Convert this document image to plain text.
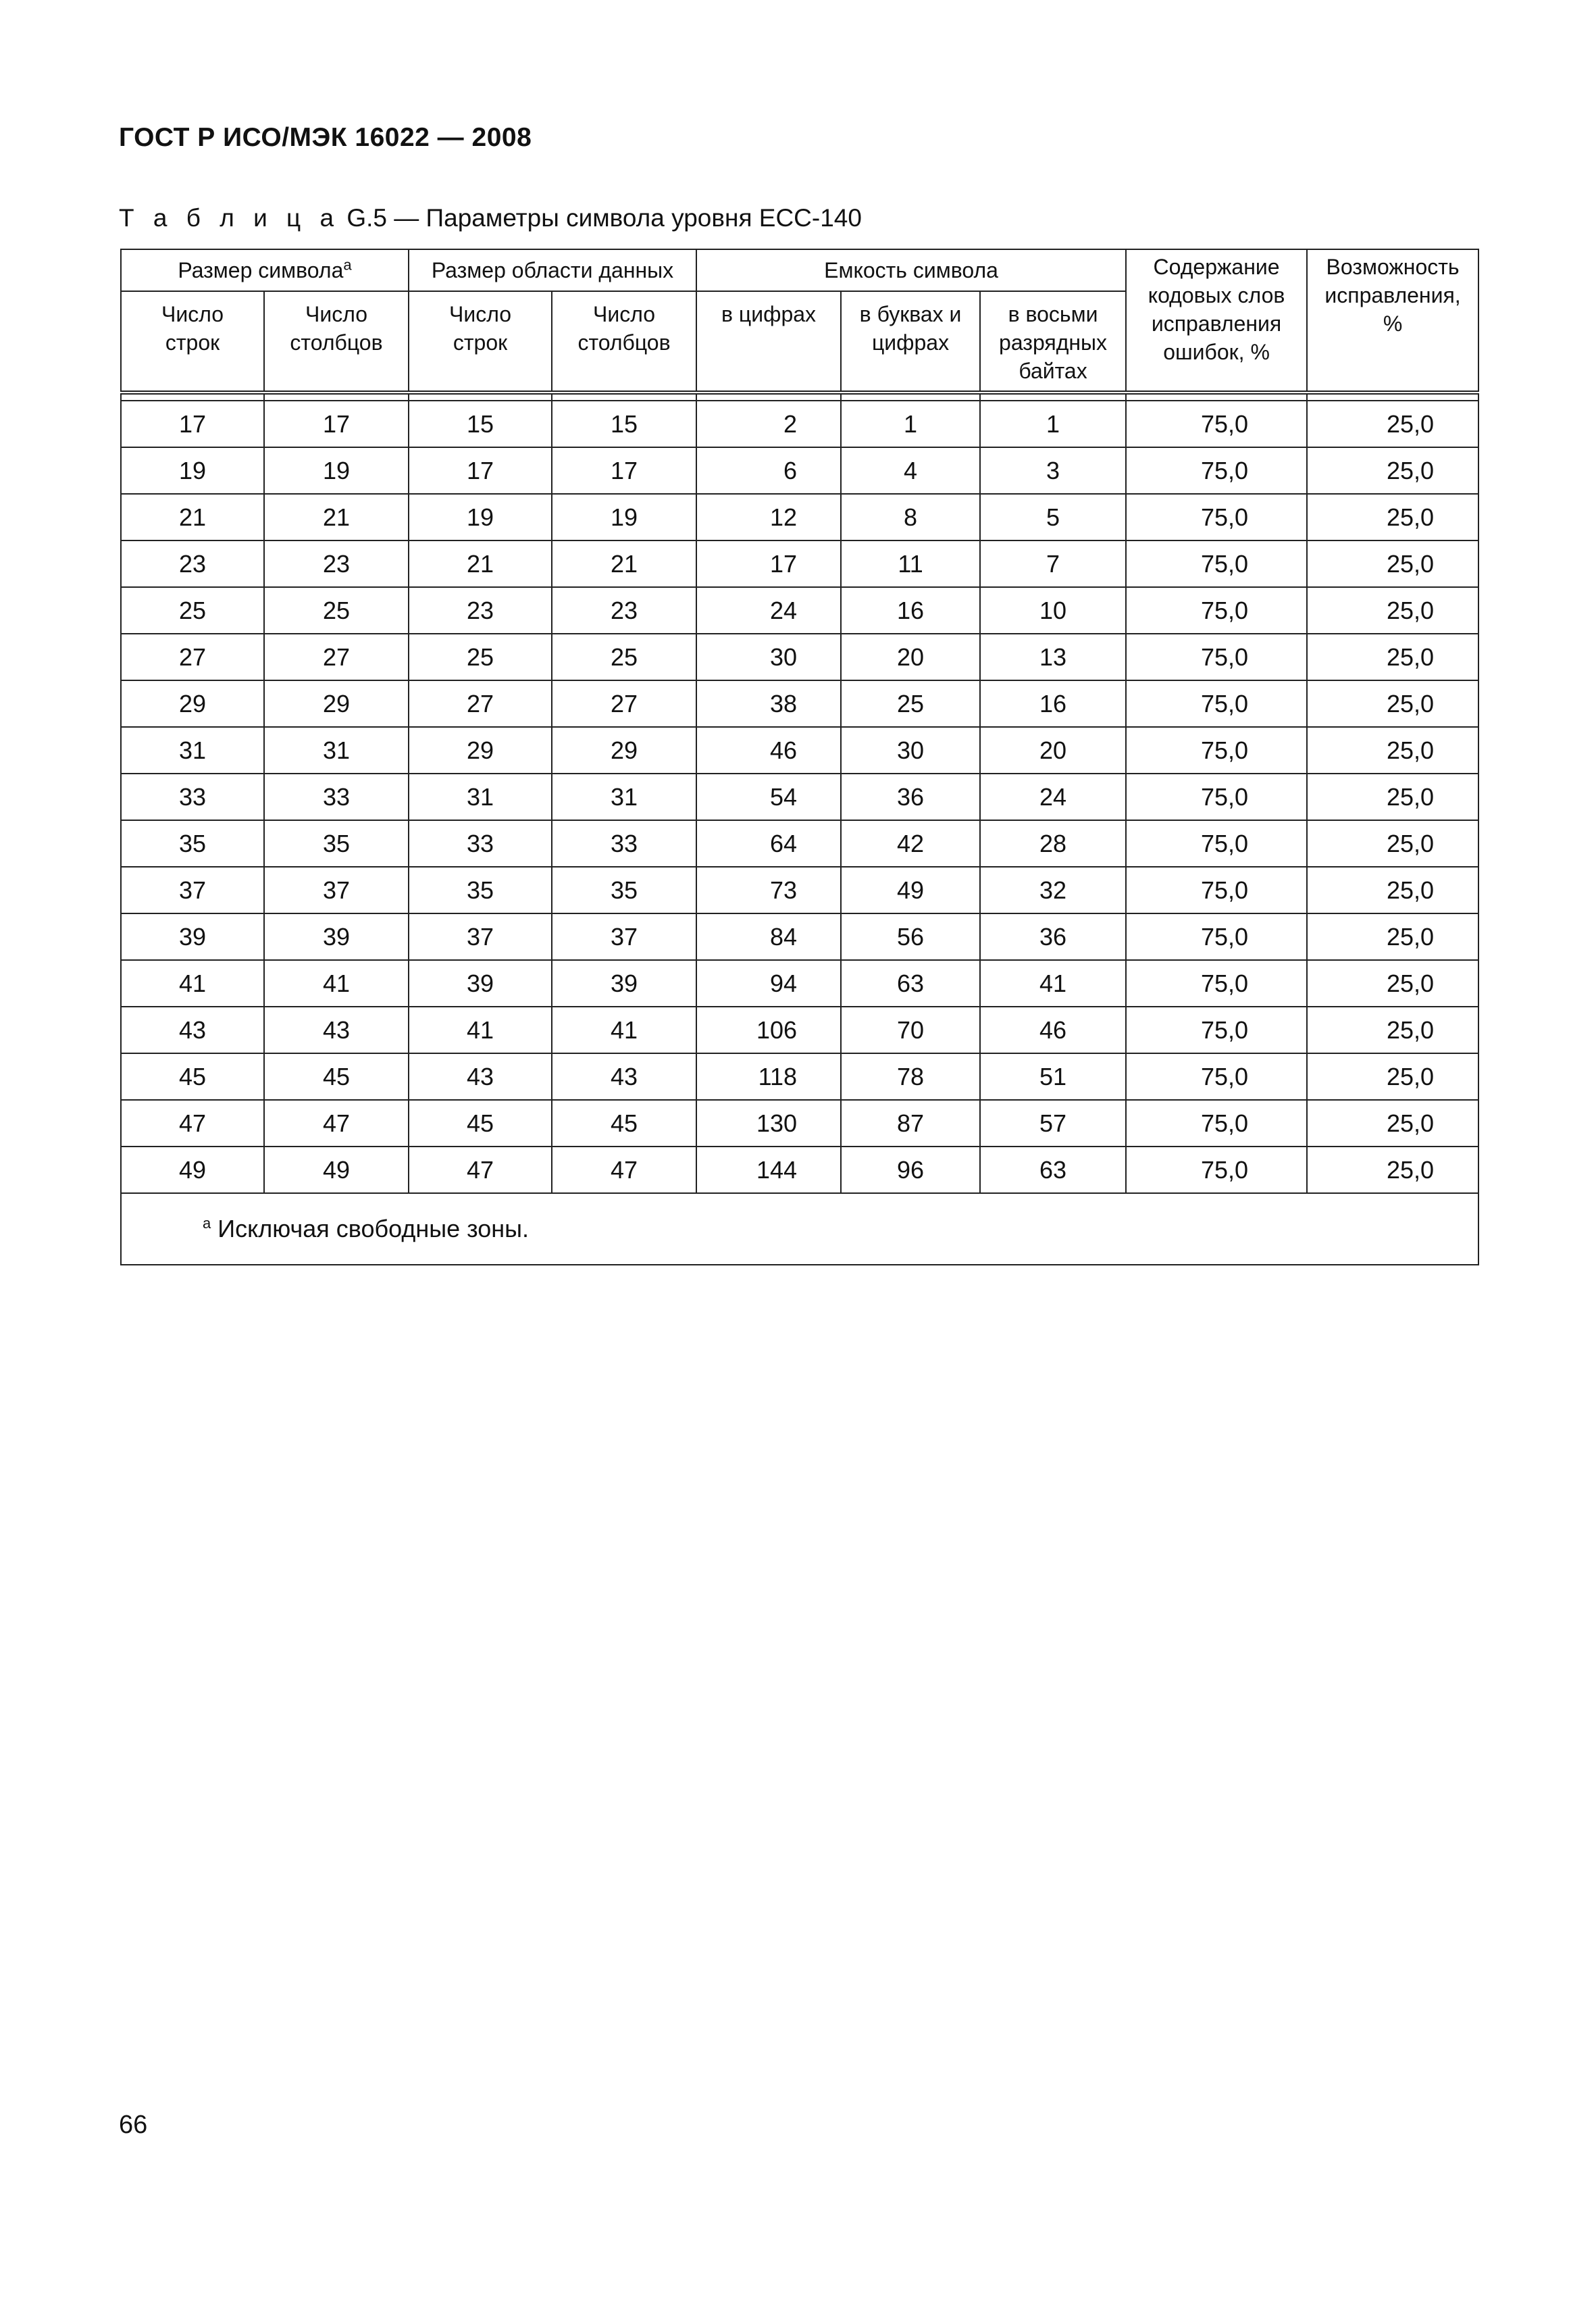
ГОСТ Р ИСО/МЭК 16022 — 2008
Т а б л и ц а G.5 — Параметры символа уровня ЕСС-140
Размер символа$^а$		Размер области данных		Емкость символа			Содержание кодовых слов исправления ошибок, %	Возможность исправления, %
Число строк	Число столбцов	Число строк	Число столбцов	в цифрах	в буквах и цифрах	в восьми разрядных байтах		

17	17	15	15	2	1	1	75,0	25,0
19	19	17	17	6	4	3	75,0	25,0
21	21	19	19	12	8	5	75,0	25,0
23	23	21	21	17	11	7	75,0	25,0
25	25	23	23	24	16	10	75,0	25,0
27	27	25	25	30	20	13	75,0	25,0
29	29	27	27	38	25	16	75,0	25,0
31	31	29	29	46	30	20	75,0	25,0
33	33	31	31	54	36	24	75,0	25,0
35	35	33	33	64	42	28	75,0	25,0
37	37	35	35	73	49	32	75,0	25,0
39	39	37	37	84	56	36	75,0	25,0
41	41	39	39	94	63	41	75,0	25,0
43	43	41	41	106	70	46	75,0	25,0
45	45	43	43	118	78	51	75,0	25,0
47	47	45	45	130	87	57	75,0	25,0
49	49	47	47	144	96	63	75,0	25,0
$^а$ Исключая свободные зоны.								
66
